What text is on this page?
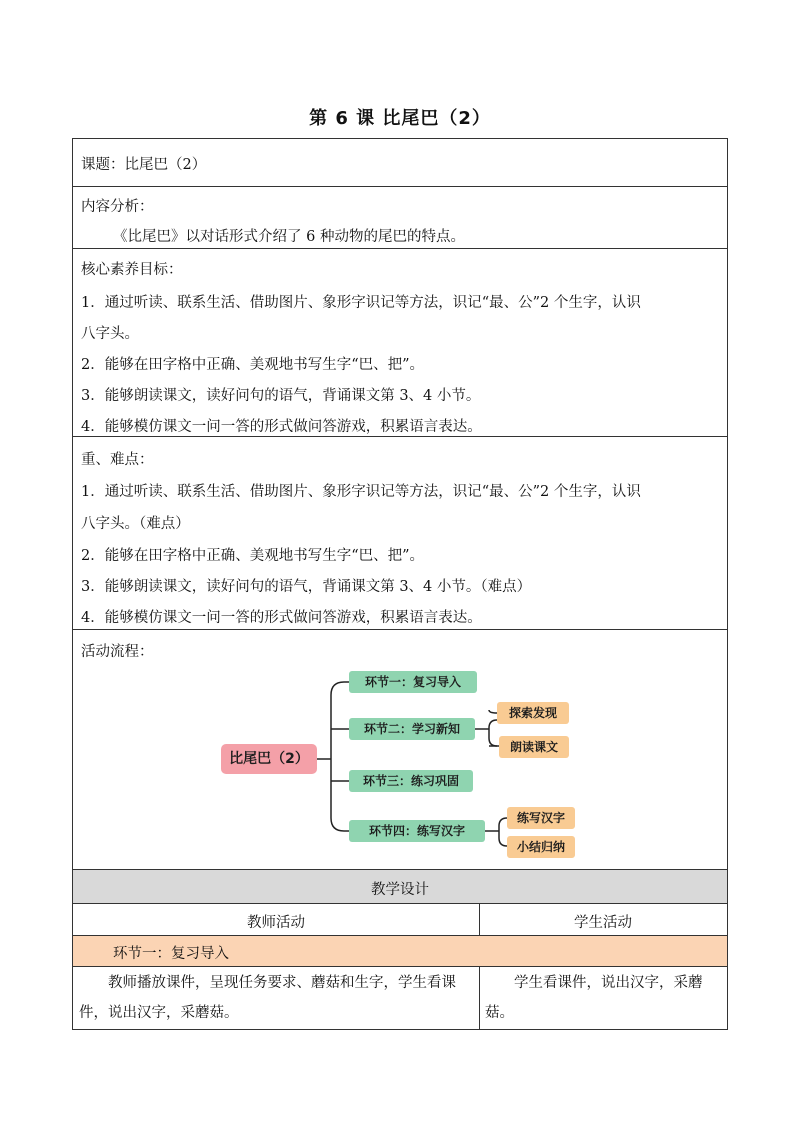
第 6 课 比尾巴（2）
课题：比尾巴（2）
内容分析：
《比尾巴》以对话形式介绍了 6 种动物的尾巴的特点。
核心素养目标：
1．通过听读、联系生活、借助图片、象形字识记等方法，识记“最、公”2 个生字，认识
八字头。
2．能够在田字格中正确、美观地书写生字“巴、把”。
3．能够朗读课文，读好问句的语气，背诵课文第 3、4 小节。
4．能够模仿课文一问一答的形式做问答游戏，积累语言表达。
重、难点：
1．通过听读、联系生活、借助图片、象形字识记等方法，识记“最、公”2 个生字，认识
八字头。（难点）
2．能够在田字格中正确、美观地书写生字“巴、把”。
3．能够朗读课文，读好问句的语气，背诵课文第 3、4 小节。（难点）
4．能够模仿课文一问一答的形式做问答游戏，积累语言表达。
活动流程：
比尾巴（2）
环节一：复习导入
环节二：学习新知
探索发现
朗读课文
环节三：练习巩固
环节四：练写汉字
练写汉字
小结归纳
教学设计
教师活动	学生活动
环节一：复习导入
教师播放课件，呈现任务要求、蘑菇和生字，学生看课件，说出汉字，采蘑菇。
学生看课件，说出汉字，采蘑菇。
